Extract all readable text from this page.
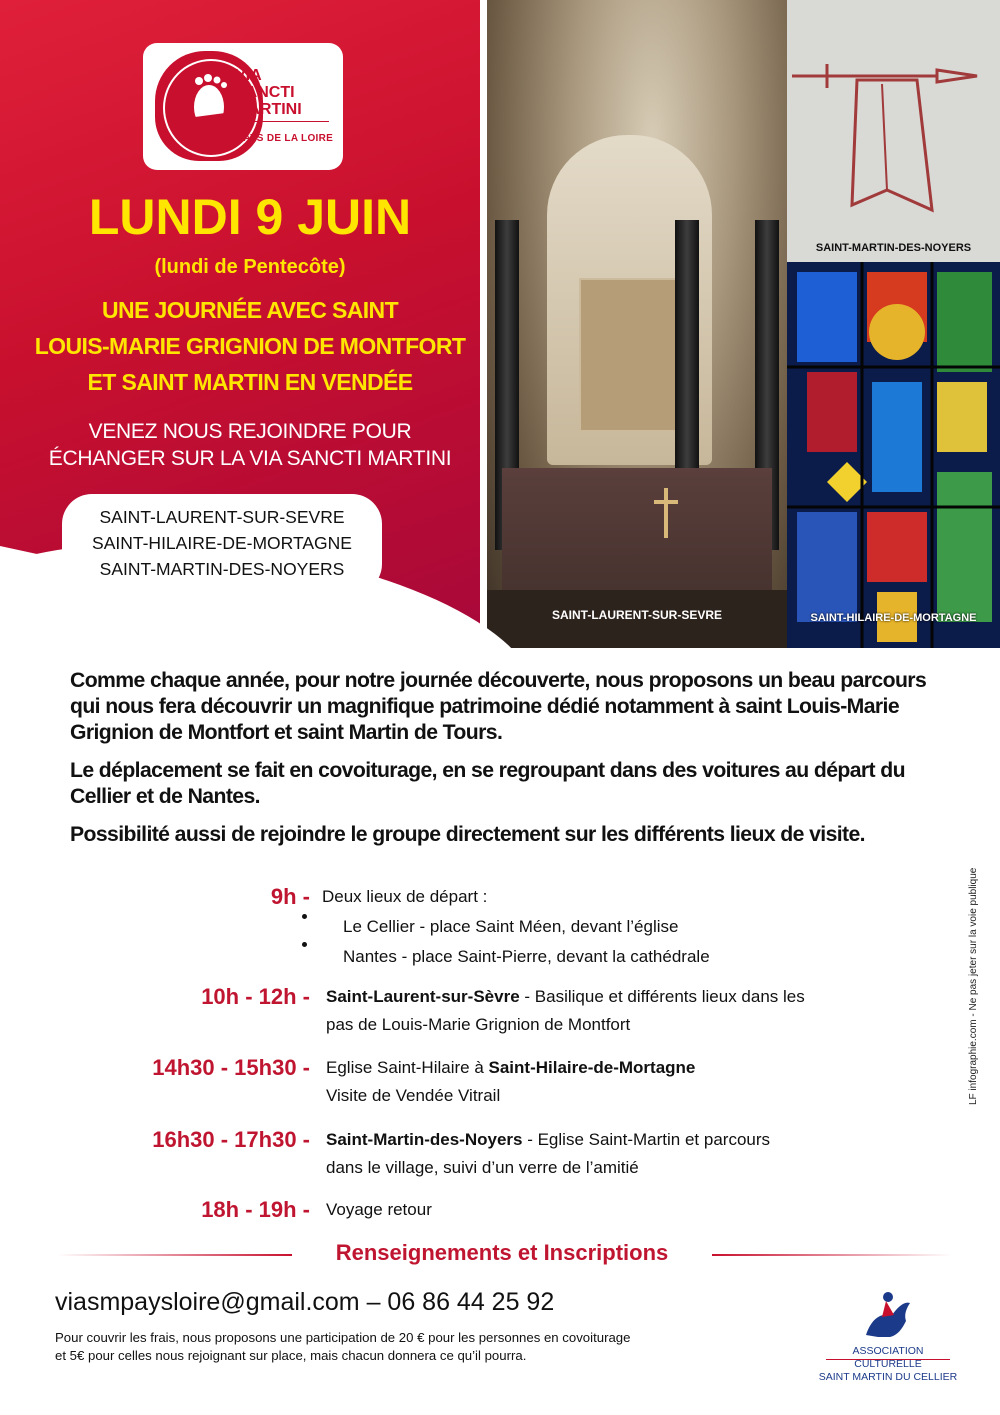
SAINT-LAURENT-SUR-SEVRE
SAINT-MARTIN-DES-NOYERS
SAINT-HILAIRE-DE-MORTAGNE
VIA
SANCTI
MARTINI
PAYS DE LA LOIRE
LUNDI 9 JUIN
(lundi de Pentecôte)
UNE JOURNÉE AVEC SAINT
LOUIS-MARIE GRIGNION DE MONTFORT
ET SAINT MARTIN EN VENDÉE
VENEZ NOUS REJOINDRE POUR
ÉCHANGER SUR LA VIA SANCTI MARTINI
SAINT-LAURENT-SUR-SEVRE
SAINT-HILAIRE-DE-MORTAGNE
SAINT-MARTIN-DES-NOYERS

Comme chaque année, pour notre journée découverte, nous proposons un beau parcours qui nous fera découvrir un magnifique patrimoine dédié notamment à saint Louis-Marie Grignion de Montfort et saint Martin de Tours.

Le déplacement se fait en covoiturage, en se regroupant dans des voitures au départ du Cellier et de Nantes.

Possibilité aussi de rejoindre le groupe directement sur les différents lieux de visite.

9h - Deux lieux de départ :
Le Cellier - place Saint Méen, devant l’église
Nantes - place Saint-Pierre, devant la cathédrale
10h - 12h - Saint-Laurent-sur-Sèvre - Basilique et différents lieux dans les
pas de Louis-Marie Grignion de Montfort
14h30 - 15h30 - Eglise Saint-Hilaire à Saint-Hilaire-de-Mortagne
Visite de Vendée Vitrail
16h30 - 17h30 - Saint-Martin-des-Noyers - Eglise Saint-Martin et parcours
dans le village, suivi d’un verre de l’amitié
18h - 19h - Voyage retour
Renseignements et Inscriptions
viasmpaysloire@gmail.com – 06 86 44 25 92
Pour couvrir les frais, nous proposons une participation de 20 € pour les personnes en covoiturage
et 5€ pour celles nous rejoignant sur place, mais chacun donnera ce qu’il pourra.	ASSOCIATION CULTURELLE
SAINT MARTIN DU CELLIER
LF infographie.com - Ne pas jeter sur la voie publique
